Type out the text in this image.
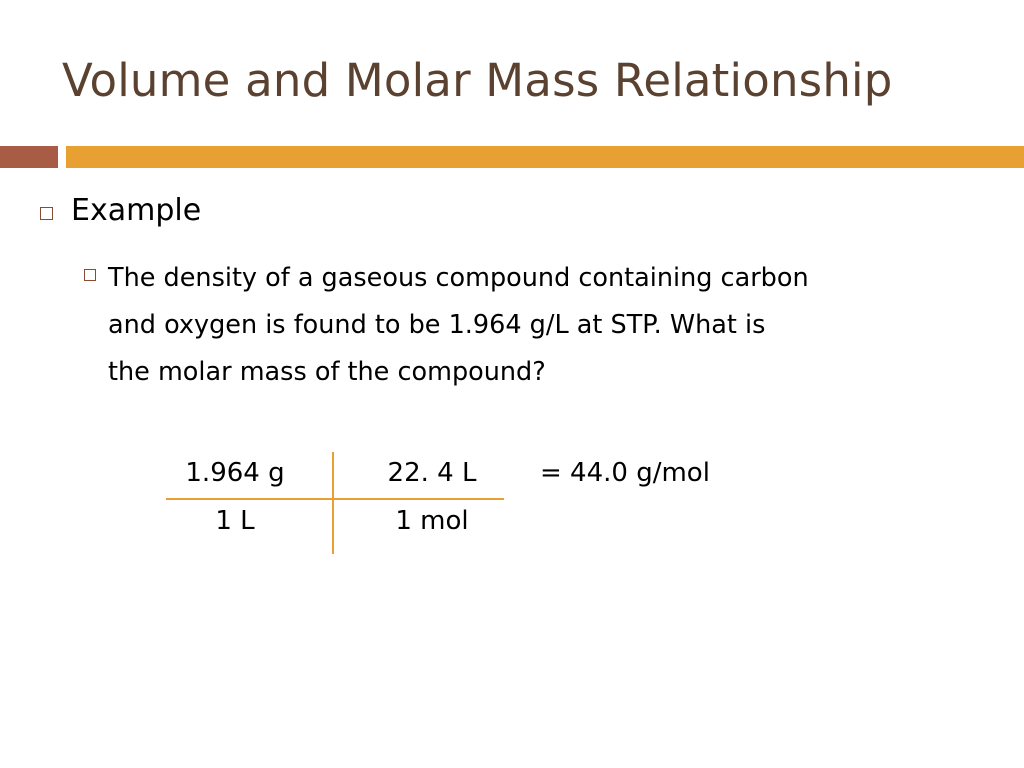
Volume and Molar Mass Relationship
Example
The density of a gaseous compound containing carbon
and oxygen is found to be 1.964 g/L at STP. What is
the molar mass of the compound?
1.964 g	22. 4 L	= 44.0 g/mol
1 L	1 mol
